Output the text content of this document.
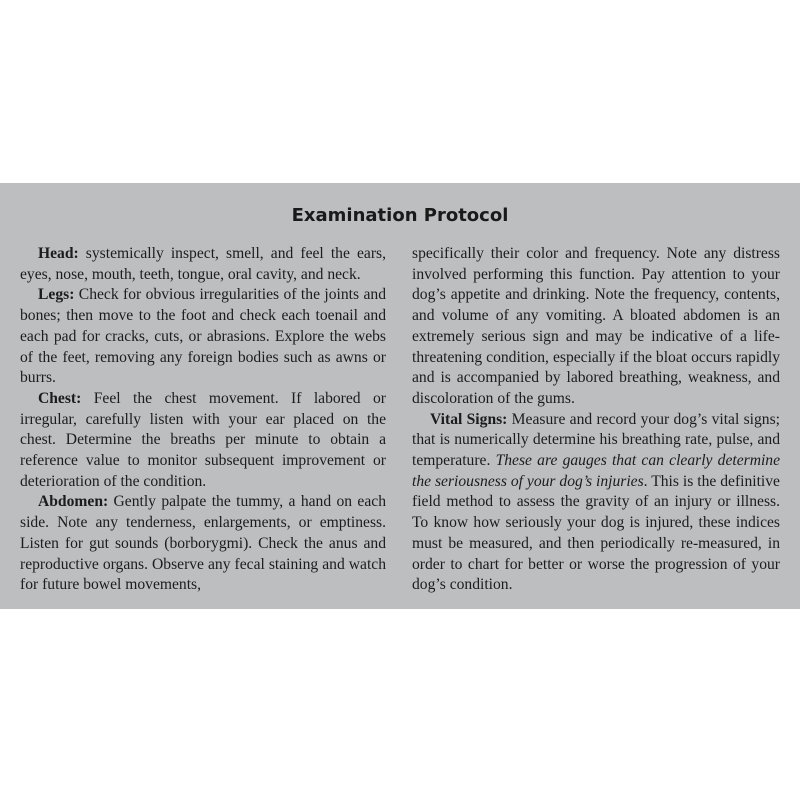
Examination Protocol

Head: systemically inspect, smell, and feel the ears, eyes, nose, mouth, teeth, tongue, oral cavity, and neck.

Legs: Check for obvious irregularities of the joints and bones; then move to the foot and check each toenail and each pad for cracks, cuts, or abrasions. Explore the webs of the feet, removing any foreign bodies such as awns or burrs.

Chest: Feel the chest movement. If labored or irregular, carefully listen with your ear placed on the chest. Determine the breaths per minute to obtain a reference value to monitor subsequent improvement or deterioration of the condition.

Abdomen: Gently palpate the tummy, a hand on each side. Note any tenderness, enlargements, or emptiness. Listen for gut sounds (borborygmi). Check the anus and reproductive organs. Observe any fecal staining and watch for future bowel movements,

specifically their color and frequency. Note any distress involved performing this function. Pay attention to your dog’s appetite and drinking. Note the frequency, contents, and volume of any vomiting. A bloated abdomen is an extremely serious sign and may be indicative of a life-threatening condition, especially if the bloat occurs rapidly and is accompanied by labored breathing, weakness, and discoloration of the gums.

Vital Signs: Measure and record your dog’s vital signs; that is numerically determine his breathing rate, pulse, and temperature. These are gauges that can clearly determine the seriousness of your dog’s injuries. This is the definitive field method to assess the gravity of an injury or illness. To know how seriously your dog is injured, these indices must be measured, and then periodically re-measured, in order to chart for better or worse the progression of your dog’s condition.
